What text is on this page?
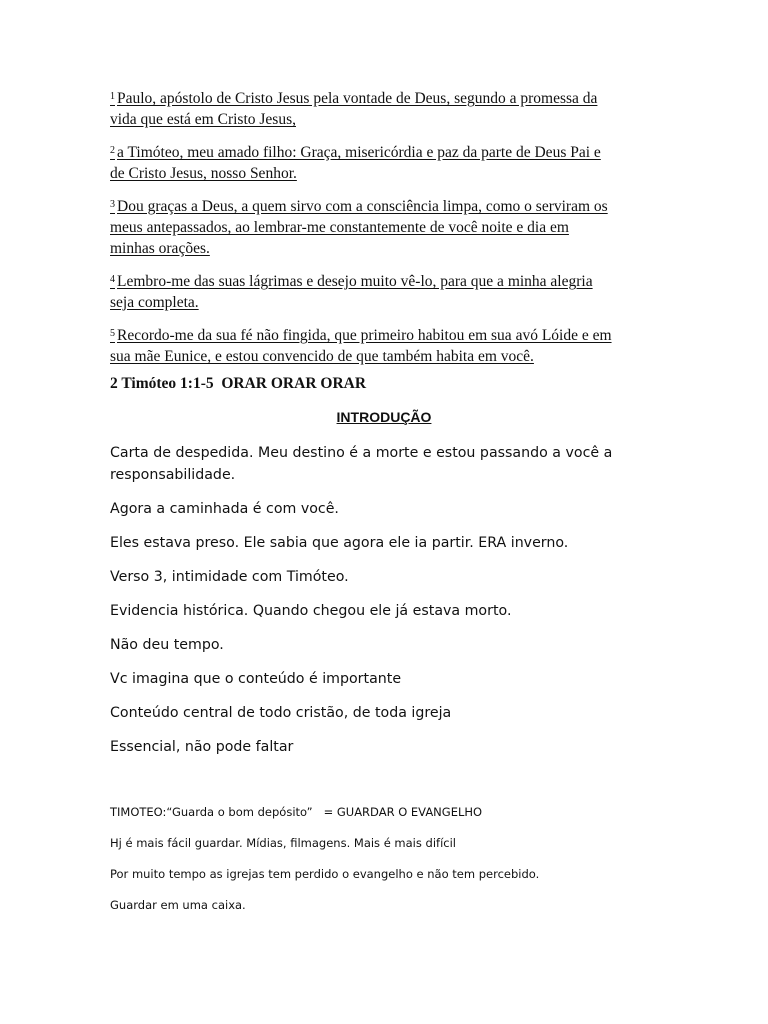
$^1$ Paulo, apóstolo de Cristo Jesus pela vontade de Deus, segundo a promessa da
vida que está em Cristo Jesus,
$^2$ a Timóteo, meu amado filho: Graça, misericórdia e paz da parte de Deus Pai e
de Cristo Jesus, nosso Senhor.
$^3$ Dou graças a Deus, a quem sirvo com a consciência limpa, como o serviram os
meus antepassados, ao lembrar-me constantemente de você noite e dia em
minhas orações.
$^4$ Lembro-me das suas lágrimas e desejo muito vê-lo, para que a minha alegria
seja completa.
$^5$ Recordo-me da sua fé não fingida, que primeiro habitou em sua avó Lóide e em
sua mãe Eunice, e estou convencido de que também habita em você.
2 Timóteo 1:1-5  ORAR ORAR ORAR
INTRODUÇÃO

Carta de despedida. Meu destino é a morte e estou passando a você a responsabilidade.

Agora a caminhada é com você.

Eles estava preso. Ele sabia que agora ele ia partir. ERA inverno.

Verso 3, intimidade com Timóteo.

Evidencia histórica. Quando chegou ele já estava morto.

Não deu tempo.

Vc imagina que o conteúdo é importante

Conteúdo central de todo cristão, de toda igreja

Essencial, não pode faltar

TIMOTEO:“Guarda o bom depósito”   = GUARDAR O EVANGELHO

Hj é mais fácil guardar. Mídias, filmagens. Mais é mais difícil

Por muito tempo as igrejas tem perdido o evangelho e não tem percebido.

Guardar em uma caixa.
